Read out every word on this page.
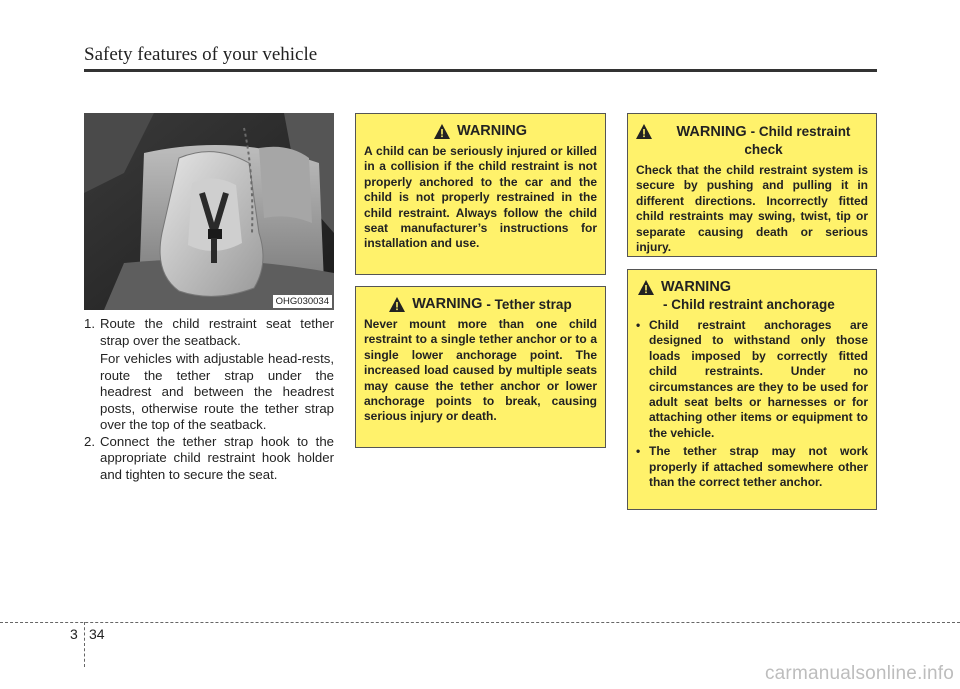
Safety features of your vehicle
OHG030034
1. Route the child restraint seat tether strap over the seatback.
For vehicles with adjustable head-rests, route the tether strap under the headrest and between the headrest posts, otherwise route the tether strap over the top of the seatback.
2. Connect the tether strap hook to the appropriate child restraint hook holder and tighten to secure the seat.
WARNING

A child can be seriously injured or killed in a collision if the child restraint is not properly anchored to the car and the child is not properly restrained in the child restraint. Always follow the child seat manufacturer’s instructions for installation and use.

WARNING
- Tether strap

Never mount more than one child restraint to a single tether anchor or to a single lower anchorage point. The increased load caused by multiple seats may cause the tether anchor or lower anchorage points to break, causing serious injury or death.

WARNING - Child restraint check

Check that the child restraint system is secure by pushing and pulling it in different directions. Incorrectly fitted child restraints may swing, twist, tip or separate causing death or serious injury.

WARNING
- Child restraint anchorage
• Child restraint anchorages are designed to withstand only those loads imposed by correctly fitted child restraints. Under no circumstances are they to be used for adult seat belts or harnesses or for attaching other items or equipment to the vehicle.
• The tether strap may not work properly if attached somewhere other than the correct tether anchor.
3 34
carmanualsonline.info
